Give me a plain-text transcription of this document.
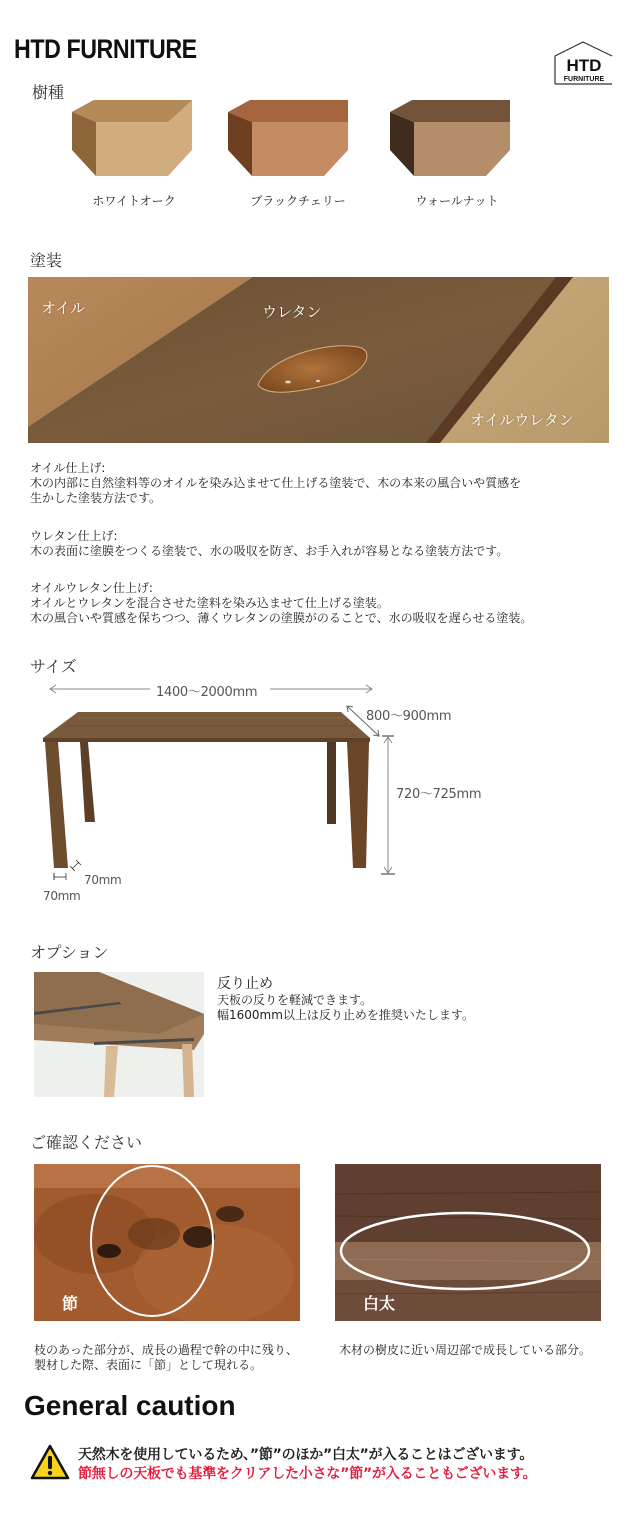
HTD FURNITURE
HTD
FURNITURE
樹種
ホワイトオーク	ブラックチェリー	ウォールナット
塗装
オイル	ウレタン
オイルウレタン
オイル仕上げ:
木の内部に自然塗料等のオイルを染み込ませて仕上げる塗装で、木の本来の風合いや質感を
生かした塗装方法です。
ウレタン仕上げ:
木の表面に塗膜をつくる塗装で、水の吸収を防ぎ、お手入れが容易となる塗装方法です。
オイルウレタン仕上げ:
オイルとウレタンを混合させた塗料を染み込ませて仕上げる塗装。
木の風合いや質感を保ちつつ、薄くウレタンの塗膜がのることで、水の吸収を遅らせる塗装。
サイズ
1400〜2000mm
800〜900mm
720〜725mm
70mm
70mm
オプション
反り止め
天板の反りを軽減できます。
幅1600mm以上は反り止めを推奨いたします。
ご確認ください
節	白太
枝のあった部分が、成長の過程で幹の中に残り、
製材した際、表面に「節」として現れる。
木材の樹皮に近い周辺部で成長している部分。
General caution
天然木を使用しているため、”節”のほか”白太”が入ることはございます。
節無しの天板でも基準をクリアした小さな”節”が入ることもございます。
